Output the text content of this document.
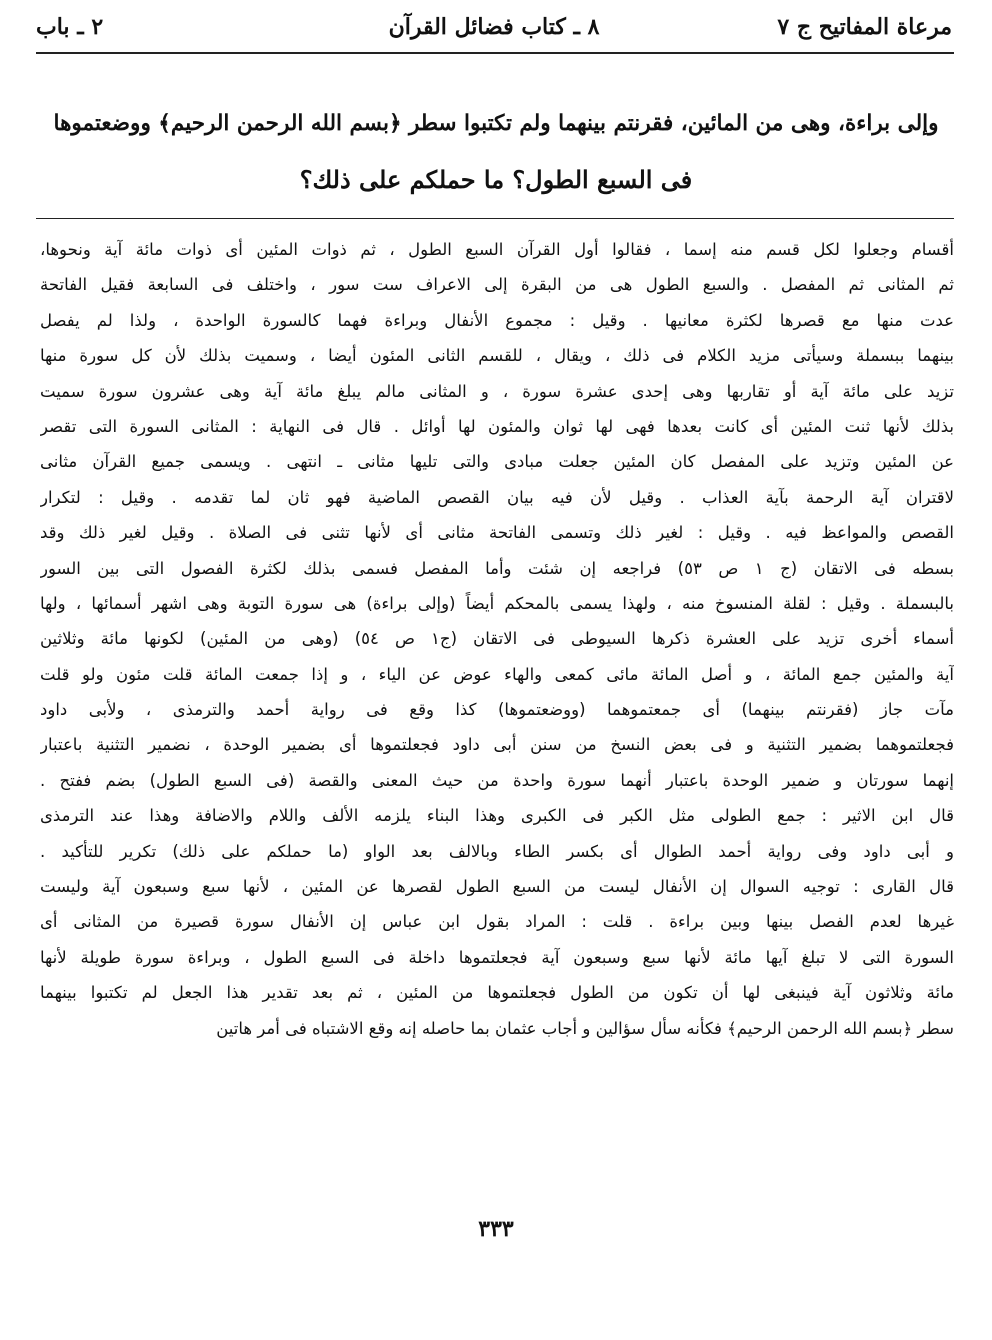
مرعاة المفاتيح ج ٧
٨ ـ كتاب فضائل القرآن
٢ ـ باب
وإلى براءة، وهى من المائين، فقرنتم بينهما ولم تكتبوا سطر ﴿بسم الله الرحمن الرحيم﴾ ووضعتموها
فى السبع الطول؟ ما حملكم على ذلك؟
أقسام وجعلوا لكل قسم منه إسما ، فقالوا أول القرآن السبع الطول ، ثم ذوات المئين أى ذوات مائة آية ونحوها،
ثم المثانى ثم المفصل . والسبع الطول هى من البقرة إلى الاعراف ست سور ، واختلف فى السابعة فقيل الفاتحة
عدت منها مع قصرها لكثرة معانيها . وقيل : مجموع الأنفال وبراءة فهما كالسورة الواحدة ، ولذا لم يفصل
بينهما ببسملة وسيأتى مزيد الكلام فى ذلك ، ويقال ، للقسم الثانى المئون أيضا ، وسميت بذلك لأن كل سورة منها
تزيد على مائة آية أو تقاربها وهى إحدى عشرة سورة ، و المثانى مالم يبلغ مائة آية وهى عشرون سورة سميت
بذلك لأنها ثنت المئين أى كانت بعدها فهى لها ثوان والمئون لها أوائل . قال فى النهاية : المثانى السورة التى تقصر
عن المئين وتزيد على المفصل كان المئين جعلت مبادى والتى تليها مثانى ـ انتهى . ويسمى جميع القرآن مثانى
لاقتران آية الرحمة بآية العذاب . وقيل لأن فيه بيان القصص الماضية فهو ثان لما تقدمه . وقيل : لتكرار
القصص والمواعظ فيه . وقيل : لغير ذلك وتسمى الفاتحة مثانى أى لأنها تثنى فى الصلاة . وقيل لغير ذلك وقد
بسطه فى الاتقان (ج ١ ص ٥٣) فراجعه إن شئت وأما المفصل فسمى بذلك لكثرة الفصول التى بين السور
بالبسملة . وقيل : لقلة المنسوخ منه ، ولهذا يسمى بالمحكم أيضاً (وإلى براءة) هى سورة التوبة وهى اشهر أسمائها ، ولها
أسماء أخرى تزيد على العشرة ذكرها السيوطى فى الاتقان (ج١ ص ٥٤) (وهى من المئين) لكونها مائة وثلاثين
آية والمئين جمع المائة ، و أصل المائة مائى كمعى والهاء عوض عن الياء ، و إذا جمعت المائة قلت مئون ولو قلت
مآت جاز (فقرنتم بينهما) أى جمعتموهما (ووضعتموها) كذا وقع فى رواية أحمد والترمذى ، ولأبى داود
فجعلتموهما بضمير التثنية و فى بعض النسخ من سنن أبى داود فجعلتموها أى بضمير الوحدة ، نضمير التثنية باعتبار
إنهما سورتان و ضمير الوحدة باعتبار أنهما سورة واحدة من حيث المعنى والقصة (فى السبع الطول) بضم ففتح .
قال ابن الاثير : جمع الطولى مثل الكبر فى الكبرى وهذا البناء يلزمه الألف واللام والاضافة وهذا عند الترمذى
و أبى داود وفى رواية أحمد الطوال أى بكسر الطاء وبالالف بعد الواو (ما حملكم على ذلك) تكرير للتأكيد .
قال القارى : توجيه السوال إن الأنفال ليست من السبع الطول لقصرها عن المئين ، لأنها سبع وسبعون آية وليست
غيرها لعدم الفصل بينها وبين براءة . قلت : المراد بقول ابن عباس إن الأنفال سورة قصيرة من المثانى أى
السورة التى لا تبلغ آيها مائة لأنها سبع وسبعون آية فجعلتموها داخلة فى السبع الطول ، وبراءة سورة طويلة لأنها
مائة وثلاثون آية فينبغى لها أن تكون من الطول فجعلتموها من المئين ، ثم بعد تقدير هذا الجعل لم تكتبوا بينهما
سطر ﴿بسم الله الرحمن الرحيم﴾ فكأنه سأل سؤالين و أجاب عثمان بما حاصله إنه وقع الاشتباه فى أمر هاتين
٣٣٣
